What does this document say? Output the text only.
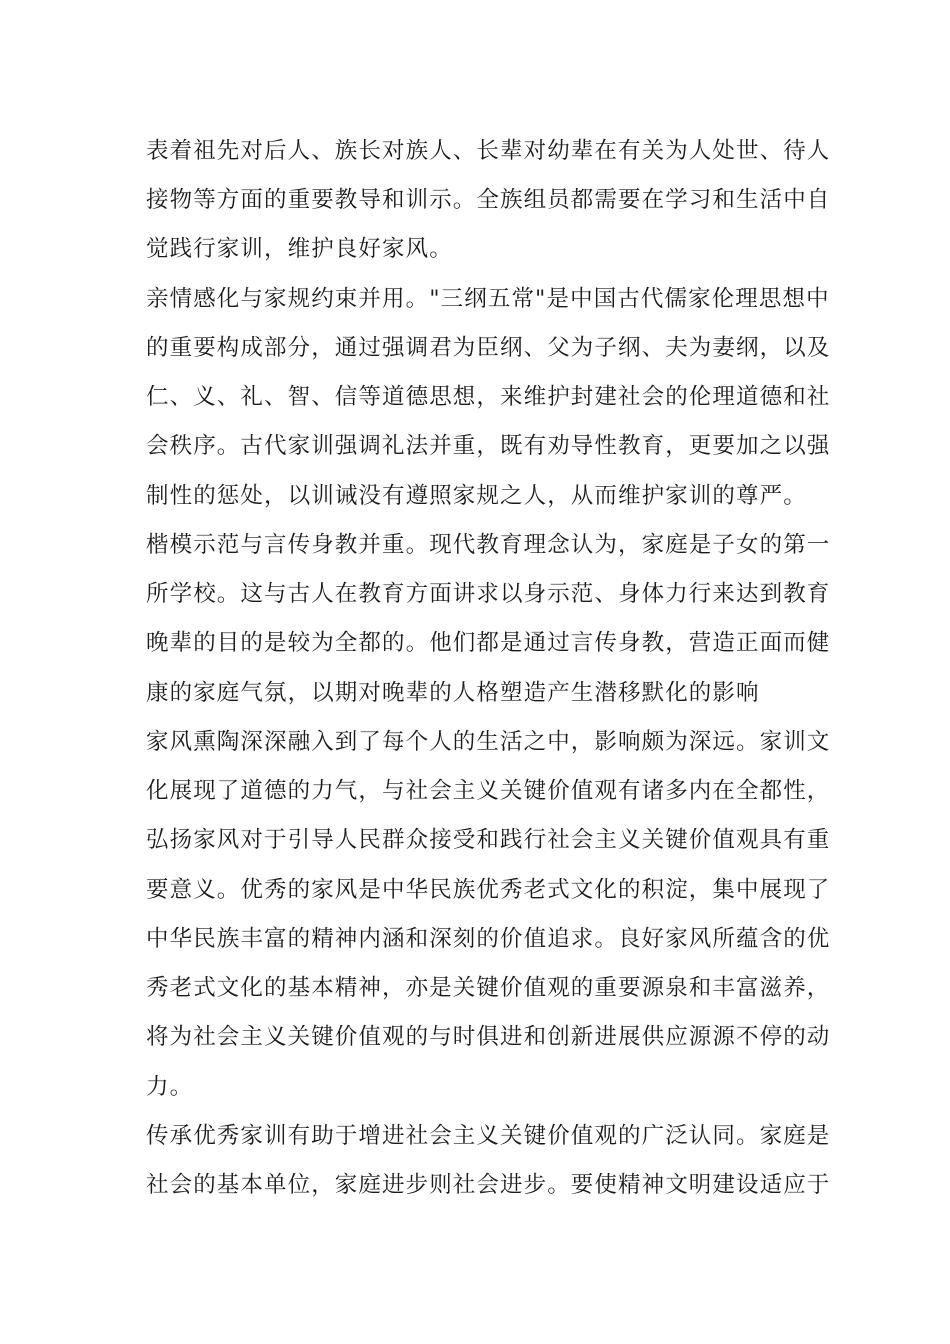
表着祖先对后人、族长对族人、长辈对幼辈在有关为人处世、待人
接物等方面的重要教导和训示。全族组员都需要在学习和生活中自
觉践行家训，维护良好家风。
亲情感化与家规约束并用。"三纲五常"是中国古代儒家伦理思想中
的重要构成部分，通过强调君为臣纲、父为子纲、夫为妻纲，以及
仁、义、礼、智、信等道德思想，来维护封建社会的伦理道德和社
会秩序。古代家训强调礼法并重，既有劝导性教育，更要加之以强
制性的惩处，以训诫没有遵照家规之人，从而维护家训的尊严。
楷模示范与言传身教并重。现代教育理念认为，家庭是子女的第一
所学校。这与古人在教育方面讲求以身示范、身体力行来达到教育
晚辈的目的是较为全都的。他们都是通过言传身教，营造正面而健
康的家庭气氛，以期对晚辈的人格塑造产生潜移默化的影响
家风熏陶深深融入到了每个人的生活之中，影响颇为深远。家训文
化展现了道德的力气，与社会主义关键价值观有诸多内在全都性，
弘扬家风对于引导人民群众接受和践行社会主义关键价值观具有重
要意义。优秀的家风是中华民族优秀老式文化的积淀，集中展现了
中华民族丰富的精神内涵和深刻的价值追求。良好家风所蕴含的优
秀老式文化的基本精神，亦是关键价值观的重要源泉和丰富滋养，
将为社会主义关键价值观的与时俱进和创新进展供应源源不停的动
力。
传承优秀家训有助于增进社会主义关键价值观的广泛认同。家庭是
社会的基本单位，家庭进步则社会进步。要使精神文明建设适应于
